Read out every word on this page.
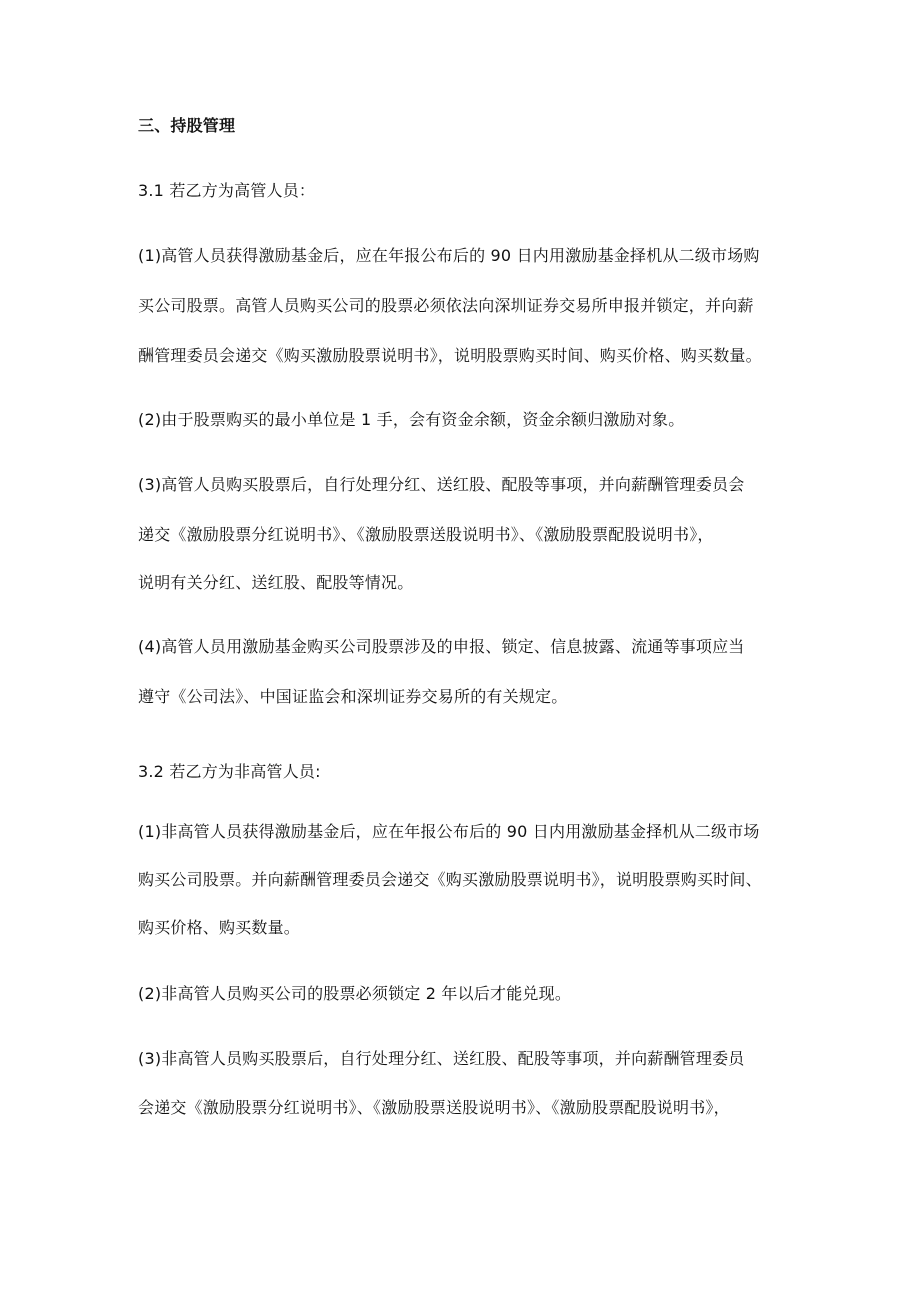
三、持股管理
3.1 若乙方为高管人员：
(1)高管人员获得激励基金后，应在年报公布后的 90 日内用激励基金择机从二级市场购
买公司股票。高管人员购买公司的股票必须依法向深圳证券交易所申报并锁定，并向薪
酬管理委员会递交《购买激励股票说明书》，说明股票购买时间、购买价格、购买数量。
(2)由于股票购买的最小单位是 1 手，会有资金余额，资金余额归激励对象。
(3)高管人员购买股票后，自行处理分红、送红股、配股等事项，并向薪酬管理委员会
递交《激励股票分红说明书》、《激励股票送股说明书》、《激励股票配股说明书》，
说明有关分红、送红股、配股等情况。
(4)高管人员用激励基金购买公司股票涉及的申报、锁定、信息披露、流通等事项应当
遵守《公司法》、中国证监会和深圳证券交易所的有关规定。
3.2 若乙方为非高管人员:
(1)非高管人员获得激励基金后，应在年报公布后的 90 日内用激励基金择机从二级市场
购买公司股票。并向薪酬管理委员会递交《购买激励股票说明书》，说明股票购买时间、
购买价格、购买数量。
(2)非高管人员购买公司的股票必须锁定 2 年以后才能兑现。
(3)非高管人员购买股票后，自行处理分红、送红股、配股等事项，并向薪酬管理委员
会递交《激励股票分红说明书》、《激励股票送股说明书》、《激励股票配股说明书》，
